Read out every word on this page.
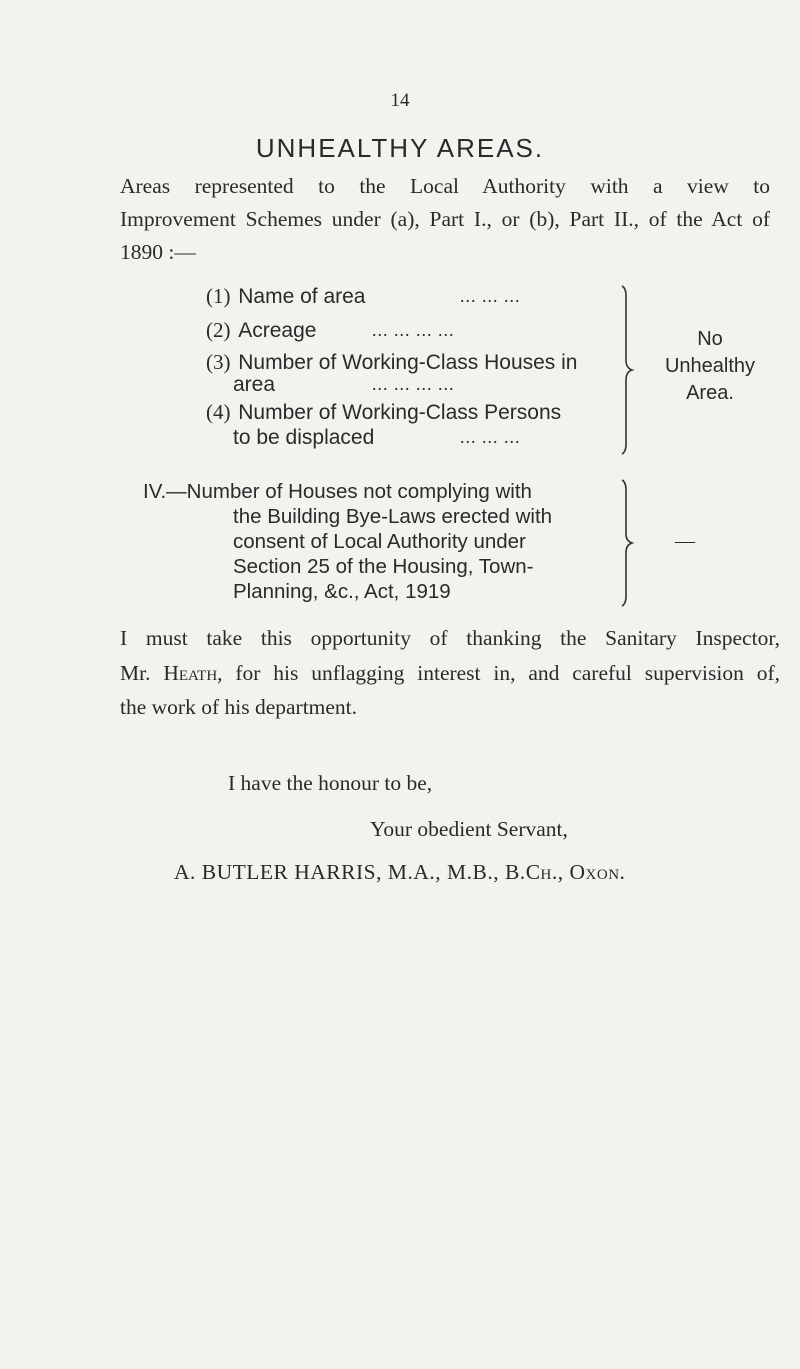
14
UNHEALTHY AREAS.
Areas represented to the Local Authority with a view to
Improvement Schemes under (a), Part I., or (b), Part II., of the Act of
1890 :—
(1) Name of area	... ... ...
(2) Acreage	... ... ... ...
(3) Number of Working-Class Houses in
area	... ... ... ...
(4) Number of Working-Class Persons
to be displaced	... ... ...
No
Unhealthy
Area.
IV.—Number of Houses not complying with
the Building Bye-Laws erected with
consent of Local Authority under
Section 25 of the Housing, Town-
Planning, &c., Act, 1919
—
I must take this opportunity of thanking the Sanitary Inspector,
Mr. Heath, for his unflagging interest in, and careful supervision of,
the work of his department.
I have the honour to be,
Your obedient Servant,
A. BUTLER HARRIS, M.A., M.B., B.Ch., Oxon.
